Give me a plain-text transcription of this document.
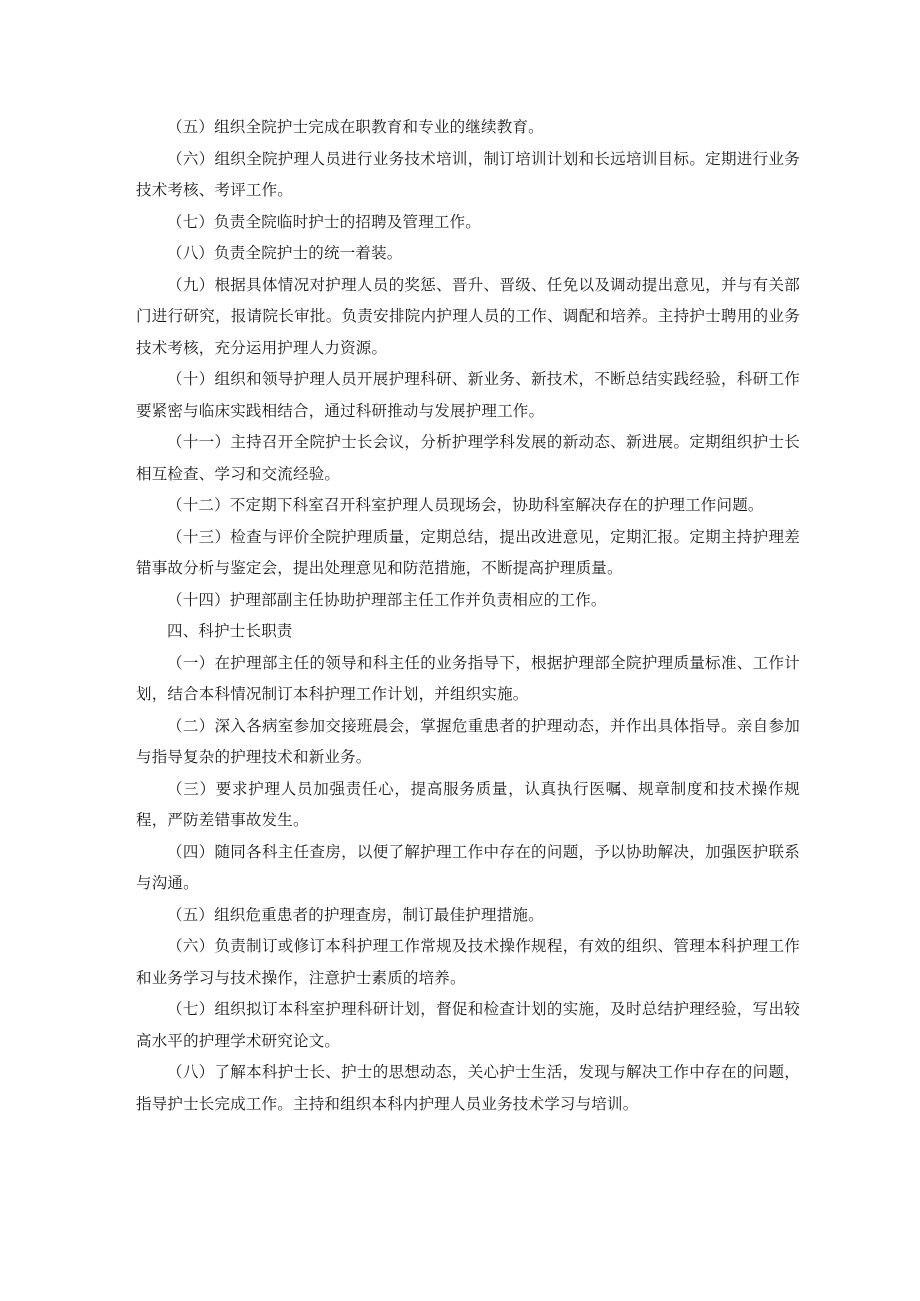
（五）组织全院护士完成在职教育和专业的继续教育。

（六）组织全院护理人员进行业务技术培训，制订培训计划和长远培训目标。定期进行业务技术考核、考评工作。

（七）负责全院临时护士的招聘及管理工作。

（八）负责全院护士的统一着装。

（九）根据具体情况对护理人员的奖惩、晋升、晋级、任免以及调动提出意见，并与有关部门进行研究，报请院长审批。负责安排院内护理人员的工作、调配和培养。主持护士聘用的业务技术考核，充分运用护理人力资源。

（十）组织和领导护理人员开展护理科研、新业务、新技术，不断总结实践经验，科研工作要紧密与临床实践相结合，通过科研推动与发展护理工作。

（十一）主持召开全院护士长会议，分析护理学科发展的新动态、新进展。定期组织护士长相互检查、学习和交流经验。

（十二）不定期下科室召开科室护理人员现场会，协助科室解决存在的护理工作问题。

（十三）检查与评价全院护理质量，定期总结，提出改进意见，定期汇报。定期主持护理差错事故分析与鉴定会，提出处理意见和防范措施，不断提高护理质量。

（十四）护理部副主任协助护理部主任工作并负责相应的工作。

四、科护士长职责

（一）在护理部主任的领导和科主任的业务指导下，根据护理部全院护理质量标准、工作计划，结合本科情况制订本科护理工作计划，并组织实施。

（二）深入各病室参加交接班晨会，掌握危重患者的护理动态，并作出具体指导。亲自参加与指导复杂的护理技术和新业务。

（三）要求护理人员加强责任心，提高服务质量，认真执行医嘱、规章制度和技术操作规程，严防差错事故发生。

（四）随同各科主任查房，以便了解护理工作中存在的问题，予以协助解决，加强医护联系与沟通。

（五）组织危重患者的护理查房，制订最佳护理措施。

（六）负责制订或修订本科护理工作常规及技术操作规程，有效的组织、管理本科护理工作和业务学习与技术操作，注意护士素质的培养。

（七）组织拟订本科室护理科研计划，督促和检查计划的实施，及时总结护理经验，写出较高水平的护理学术研究论文。

（八）了解本科护士长、护士的思想动态，关心护士生活，发现与解决工作中存在的问题，指导护士长完成工作。主持和组织本科内护理人员业务技术学习与培训。
